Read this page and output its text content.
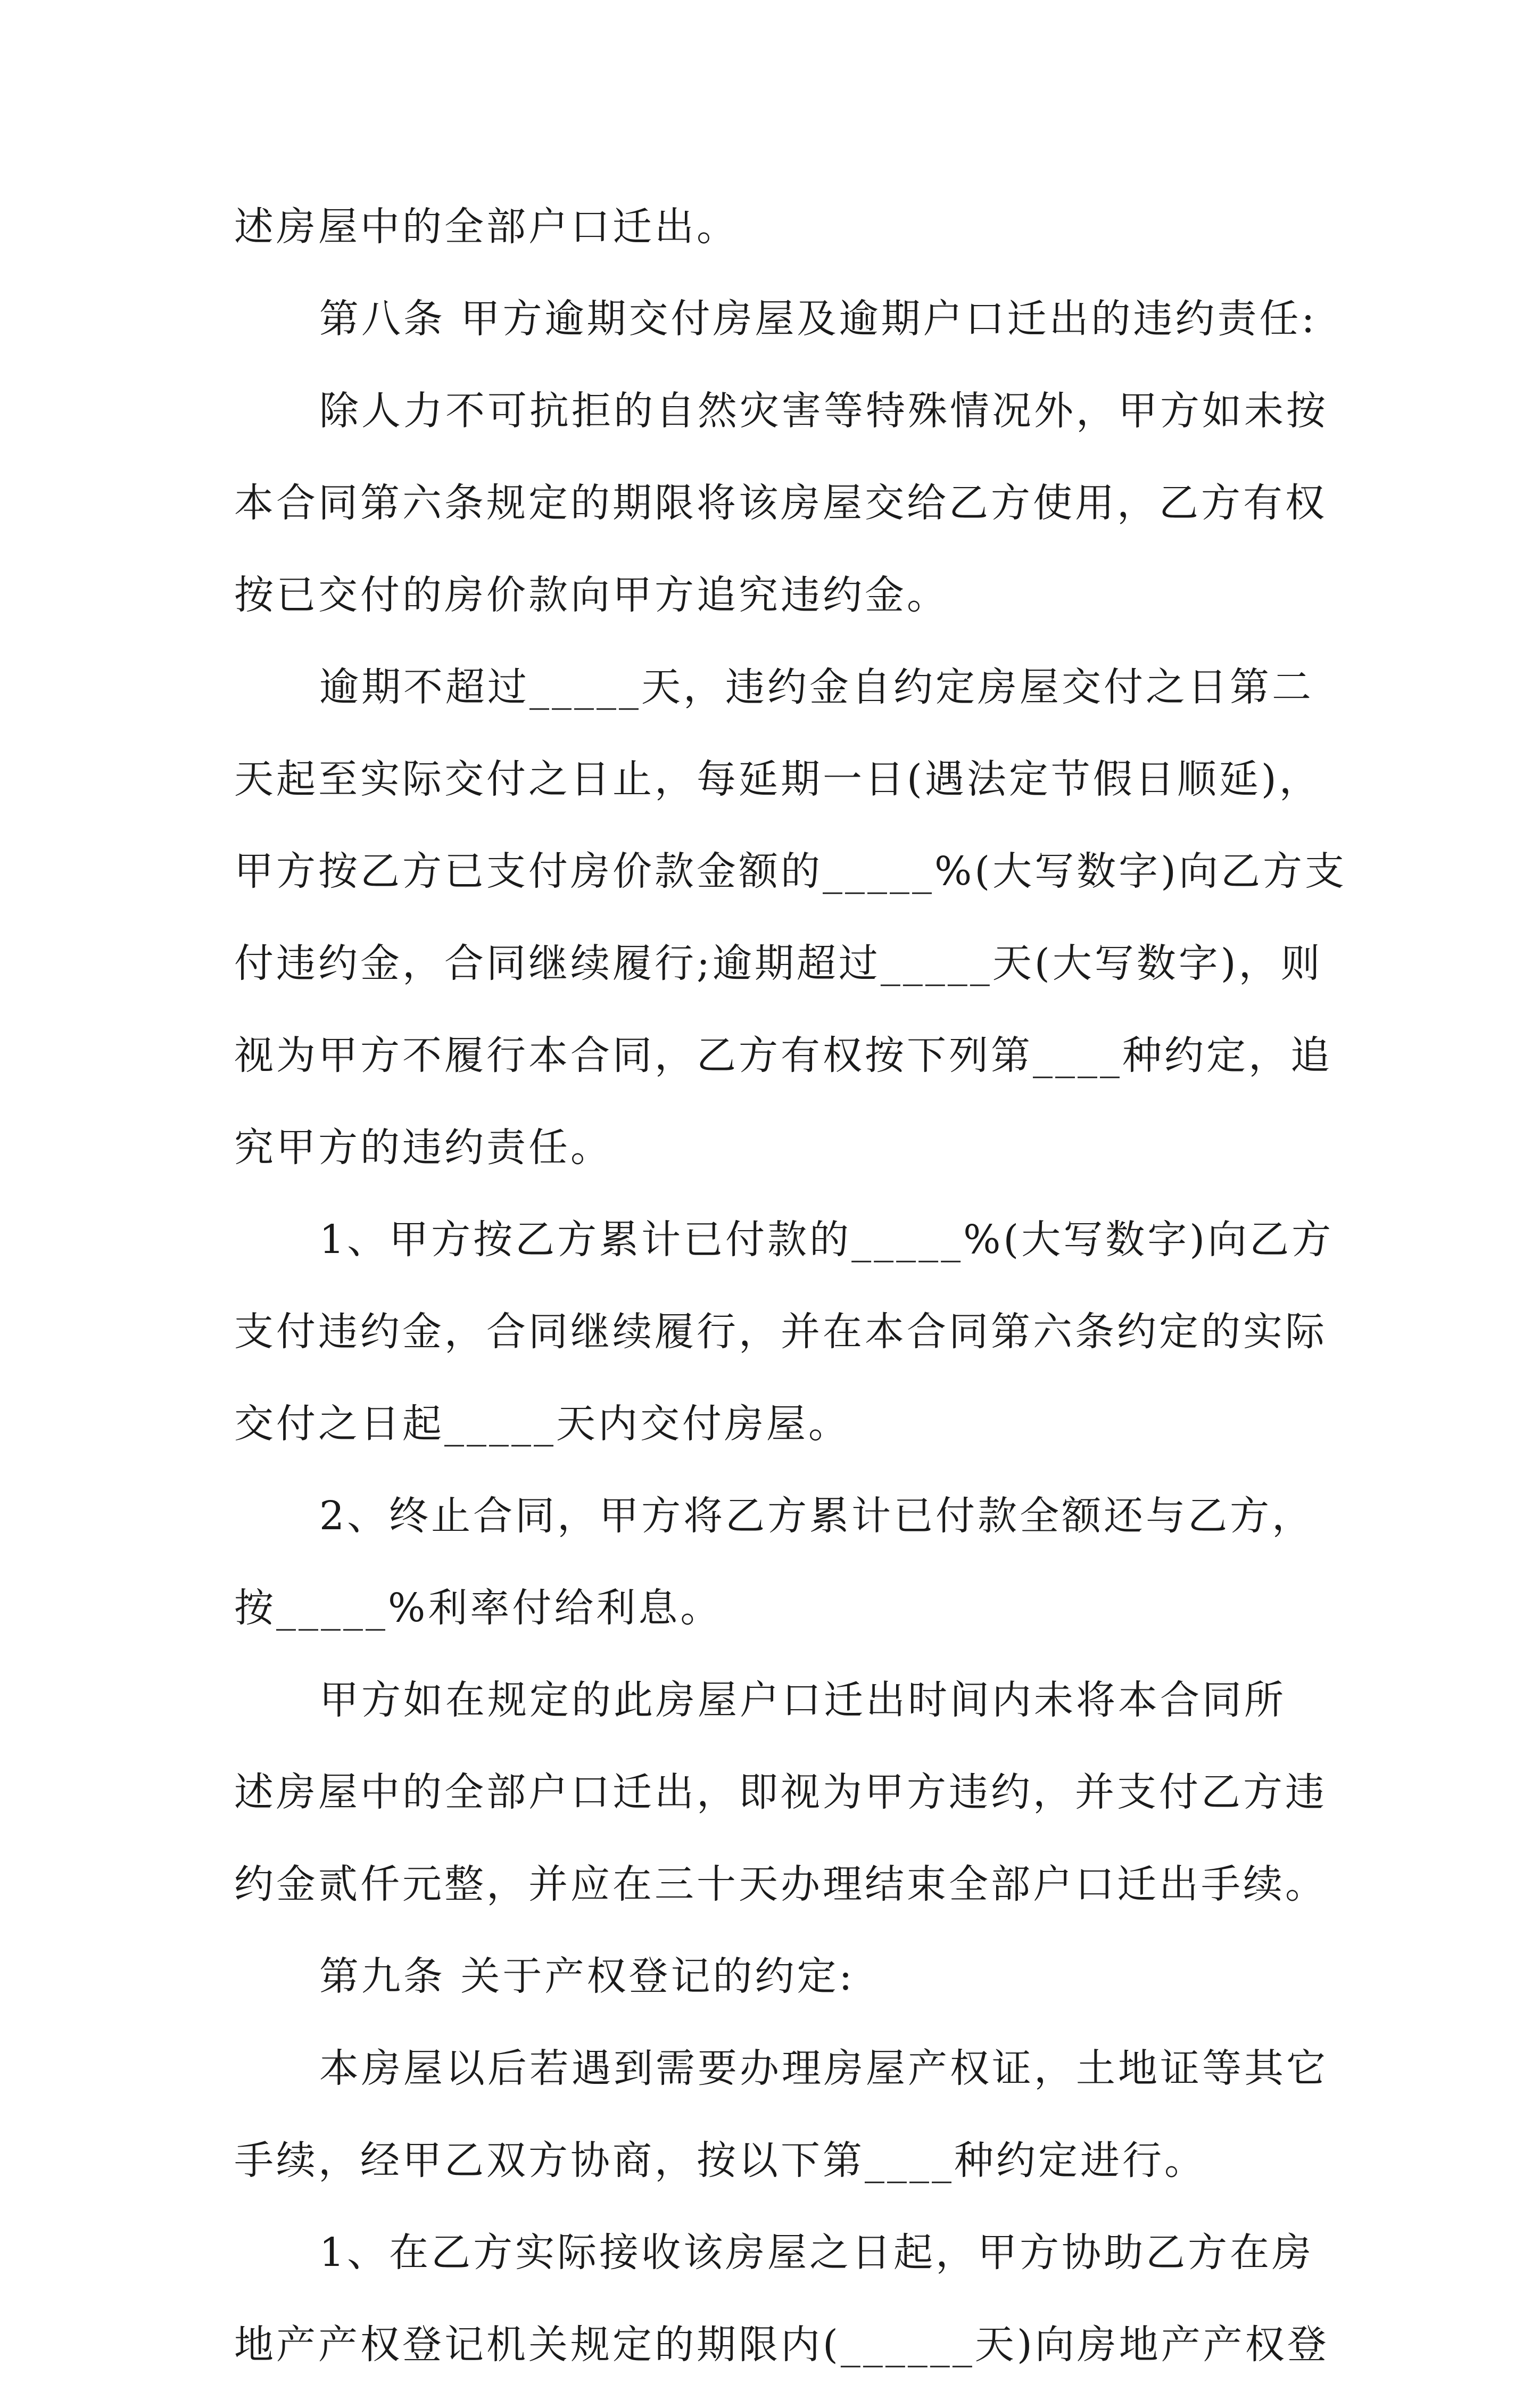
述房屋中的全部户口迁出。
第八条 甲方逾期交付房屋及逾期户口迁出的违约责任:
除人力不可抗拒的自然灾害等特殊情况外，甲方如未按
本合同第六条规定的期限将该房屋交给乙方使用，乙方有权
按已交付的房价款向甲方追究违约金。
逾期不超过_____天，违约金自约定房屋交付之日第二
天起至实际交付之日止，每延期一日(遇法定节假日顺延)，
甲方按乙方已支付房价款金额的_____%(大写数字)向乙方支
付违约金，合同继续履行;逾期超过_____天(大写数字)，则
视为甲方不履行本合同，乙方有权按下列第____种约定，追
究甲方的违约责任。
1、甲方按乙方累计已付款的_____%(大写数字)向乙方
支付违约金，合同继续履行，并在本合同第六条约定的实际
交付之日起_____天内交付房屋。
2、终止合同，甲方将乙方累计已付款全额还与乙方，
按_____%利率付给利息。
甲方如在规定的此房屋户口迁出时间内未将本合同所
述房屋中的全部户口迁出，即视为甲方违约，并支付乙方违
约金贰仟元整，并应在三十天办理结束全部户口迁出手续。
第九条 关于产权登记的约定:
本房屋以后若遇到需要办理房屋产权证，土地证等其它
手续，经甲乙双方协商，按以下第____种约定进行。
1、在乙方实际接收该房屋之日起，甲方协助乙方在房
地产产权登记机关规定的期限内(______天)向房地产产权登
